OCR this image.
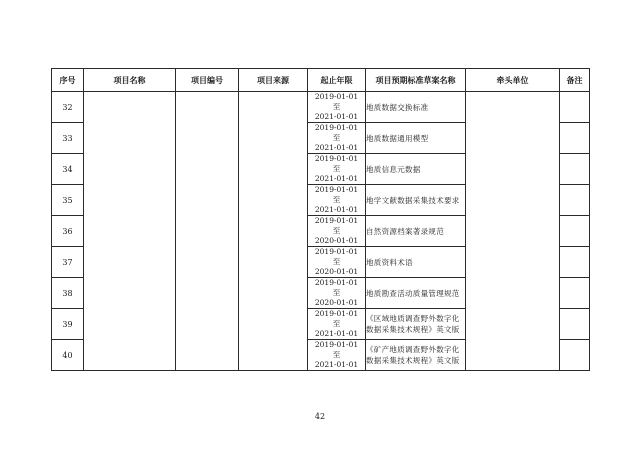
序号	项目名称	项目编号	项目来源	起止年限	项目预期标准草案名称	牵头单位	备注
32				2019-01-01
至
2021-01-01	地质数据交换标准		
33				2019-01-01
至
2021-01-01	地质数据通用模型		
34				2019-01-01
至
2021-01-01	地质信息元数据		
35				2019-01-01
至
2021-01-01	地学文献数据采集技术要求		
36				2019-01-01
至
2020-01-01	自然资源档案著录规范		
37				2019-01-01
至
2020-01-01	地质资料术语		
38				2019-01-01
至
2020-01-01	地质勘查活动质量管理规范		
39				2019-01-01
至
2021-01-01	《区域地质调查野外数字化数据采集技术规程》英文版		
40				2019-01-01
至
2021-01-01	《矿产地质调查野外数字化数据采集技术规程》英文版		
42
